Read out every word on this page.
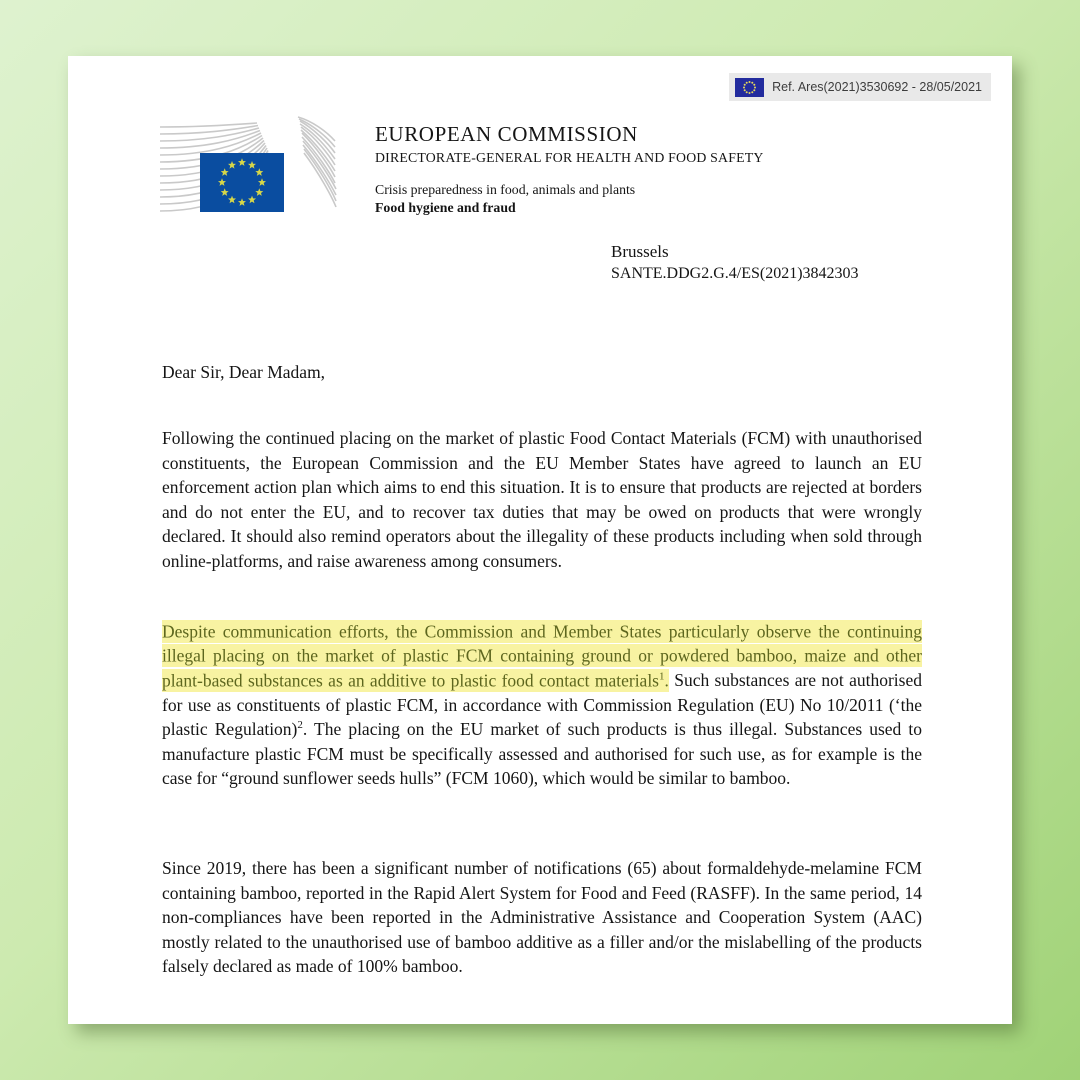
Ref. Ares(2021)3530692 - 28/05/2021
EUROPEAN COMMISSION
DIRECTORATE-GENERAL FOR HEALTH AND FOOD SAFETY
Crisis preparedness in food, animals and plants
Food hygiene and fraud
Brussels
SANTE.DDG2.G.4/ES(2021)3842303
Dear Sir, Dear Madam,

Following the continued placing on the market of plastic Food Contact Materials (FCM) with unauthorised constituents, the European Commission and the EU Member States have agreed to launch an EU enforcement action plan which aims to end this situation. It is to ensure that products are rejected at borders and do not enter the EU, and to recover tax duties that may be owed on products that were wrongly declared. It should also remind operators about the illegality of these products including when sold through online-platforms, and raise awareness among consumers.

Despite communication efforts, the Commission and Member States particularly observe the continuing illegal placing on the market of plastic FCM containing ground or powdered bamboo, maize and other plant-based substances as an additive to plastic food contact materials$^1$. Such substances are not authorised for use as constituents of plastic FCM, in accordance with Commission Regulation (EU) No 10/2011 (‘the plastic Regulation)$^2$. The placing on the EU market of such products is thus illegal. Substances used to manufacture plastic FCM must be specifically assessed and authorised for such use, as for example is the case for “ground sunflower seeds hulls” (FCM 1060), which would be similar to bamboo.

Since 2019, there has been a significant number of notifications (65) about formaldehyde-melamine FCM containing bamboo, reported in the Rapid Alert System for Food and Feed (RASFF). In the same period, 14 non-compliances have been reported in the Administrative Assistance and Cooperation System (AAC) mostly related to the unauthorised use of bamboo additive as a filler and/or the mislabelling of the products falsely declared as made of 100% bamboo.
